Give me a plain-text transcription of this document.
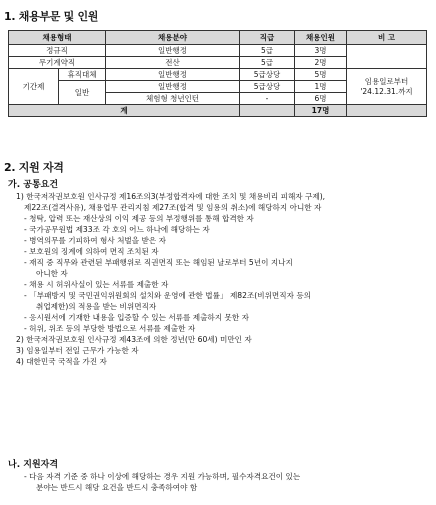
1. 채용부문 및 인원
채용형태		채용분야	직급	채용인원	비 고
정규직		일반행정	5급	3명	
무기계약직		전산	5급	2명	
기간제	휴직대체	일반행정	5급상당	5명	임용일로부터 '24.12.31.까지
	일반	일반행정	5급상당	1명	
		체험형 청년인턴	-	6명	
계				17명	
2. 지원 자격
가. 공통요건
1) 한국저작권보호원 인사규정 제16조의3(부정합격자에 대한 조치 및 채용비리 피해자 구제),
제22조(결격사유), 채용업무 관리지침 제27조(합격 및 임용의 취소)에 해당하지 아니한 자
- 청탁, 압력 또는 재산상의 이익 제공 등의 부정행위를 통해 합격한 자
- 국가공무원법 제33조 각 호의 어느 하나에 해당하는 자
- 병역의무를 기피하여 형사 처벌을 받은 자
- 보호원의 징계에 의하여 면직 조치된 자
- 재직 중 직무와 관련된 부패행위로 직권면직 또는 해임된 날로부터 5년이 지나지
아니한 자
- 채용 시 허위사실이 있는 서류를 제출한 자
- 「부패방지 및 국민권익위원회의 설치와 운영에 관한 법률」 제82조(비위면직자 등의
취업제한)의 적용을 받는 비위면직자
- 응시원서에 기재한 내용을 입증할 수 있는 서류를 제출하지 못한 자
- 허위, 위조 등의 부당한 방법으로 서류를 제출한 자
2) 한국저작권보호원 인사규정 제43조에 의한 정년(만 60세) 미만인 자
3) 임용일부터 전일 근무가 가능한 자
4) 대한민국 국적을 가진 자
나. 지원자격
- 다음 자격 기준 중 하나 이상에 해당하는 경우 지원 가능하며, 필수자격요건이 있는
분야는 반드시 해당 요건을 반드시 충족하여야 함
